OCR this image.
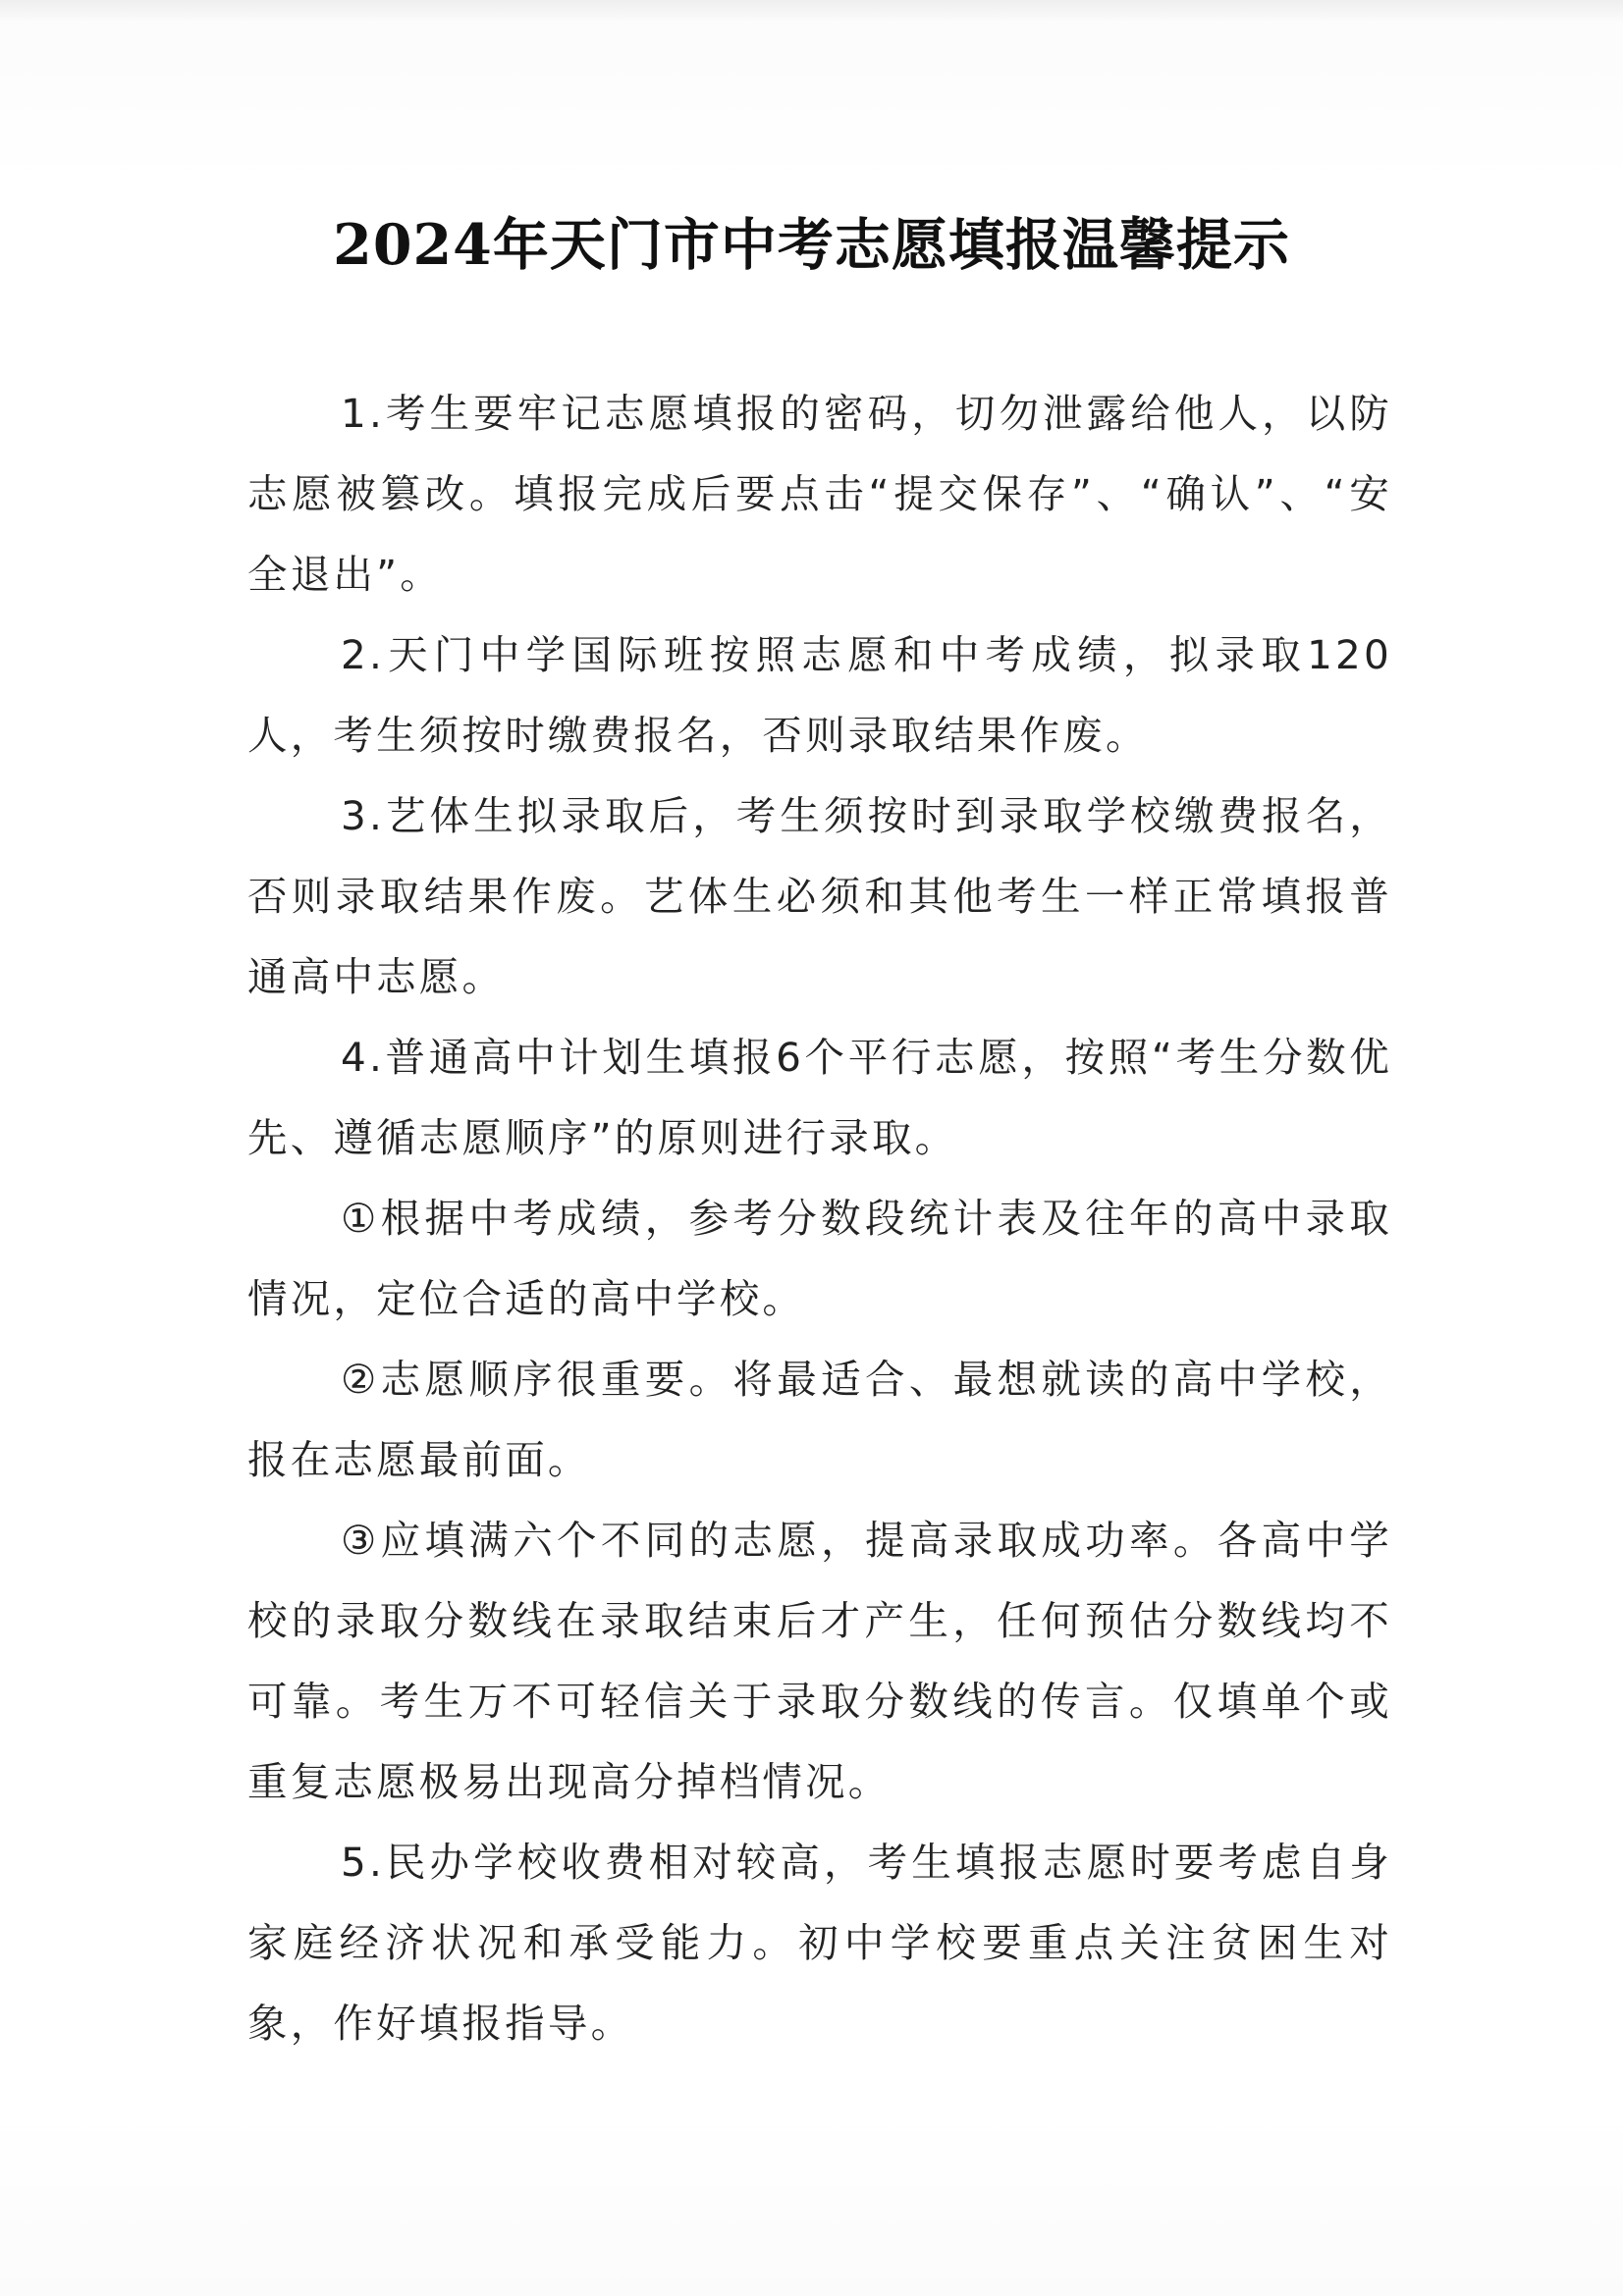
2024年天门市中考志愿填报温馨提示

1.考生要牢记志愿填报的密码，切勿泄露给他人，以防志愿被篡改。填报完成后要点击“提交保存”、“确认”、“安全退出”。

2.天门中学国际班按照志愿和中考成绩，拟录取120人，考生须按时缴费报名，否则录取结果作废。

3.艺体生拟录取后，考生须按时到录取学校缴费报名，否则录取结果作废。艺体生必须和其他考生一样正常填报普通高中志愿。

4.普通高中计划生填报6个平行志愿，按照“考生分数优先、遵循志愿顺序”的原则进行录取。

①根据中考成绩，参考分数段统计表及往年的高中录取情况，定位合适的高中学校。

②志愿顺序很重要。将最适合、最想就读的高中学校，报在志愿最前面。

③应填满六个不同的志愿，提高录取成功率。各高中学校的录取分数线在录取结束后才产生，任何预估分数线均不可靠。考生万不可轻信关于录取分数线的传言。仅填单个或重复志愿极易出现高分掉档情况。

5.民办学校收费相对较高，考生填报志愿时要考虑自身家庭经济状况和承受能力。初中学校要重点关注贫困生对象，作好填报指导。
